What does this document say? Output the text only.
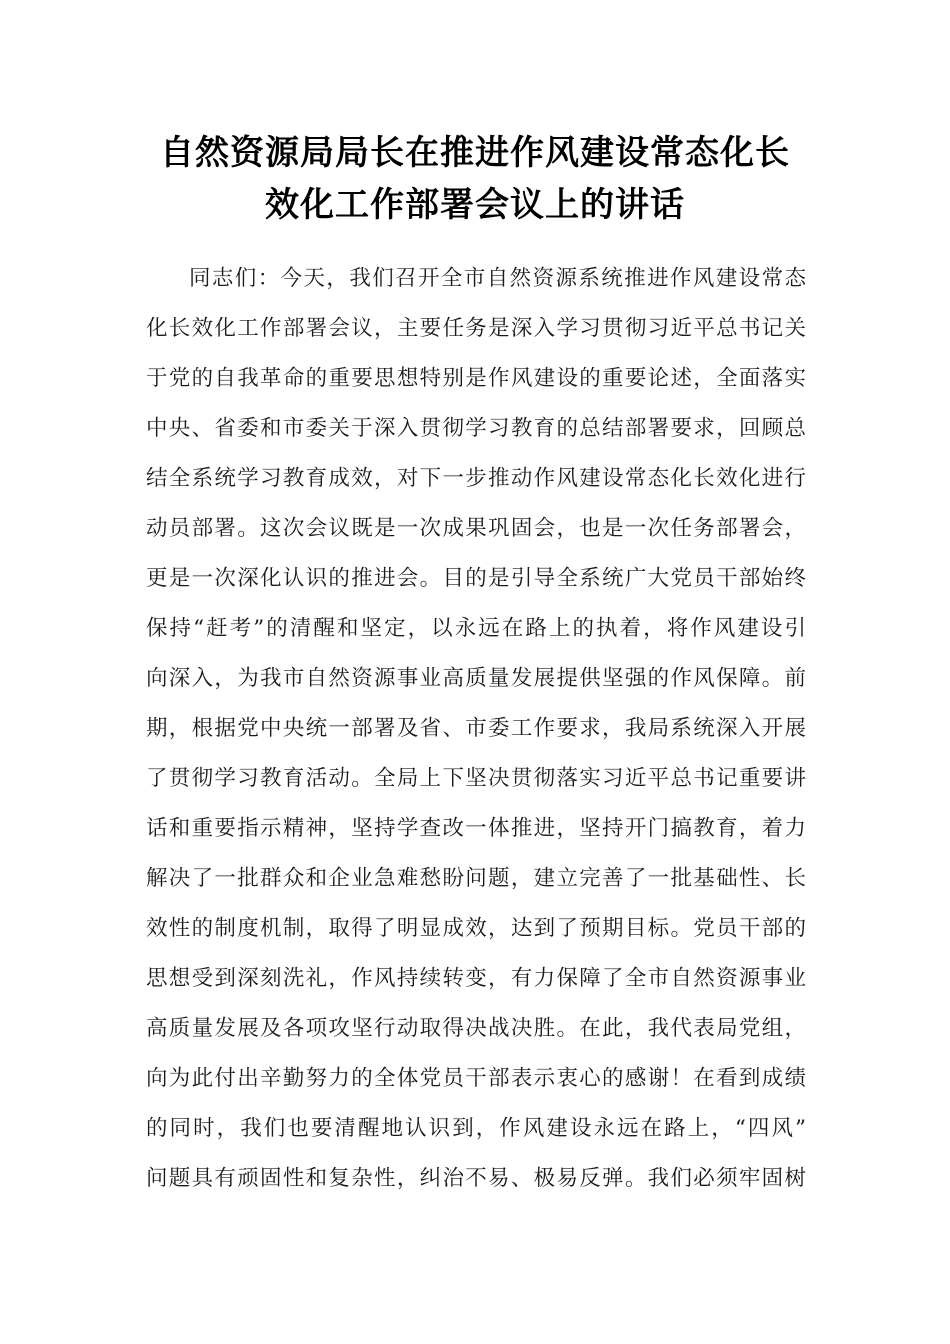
自然资源局局长在推进作风建设常态化长
效化工作部署会议上的讲话
同志们：今天，我们召开全市自然资源系统推进作风建设常态
化长效化工作部署会议，主要任务是深入学习贯彻习近平总书记关
于党的自我革命的重要思想特别是作风建设的重要论述，全面落实
中央、省委和市委关于深入贯彻学习教育的总结部署要求，回顾总
结全系统学习教育成效，对下一步推动作风建设常态化长效化进行
动员部署。这次会议既是一次成果巩固会，也是一次任务部署会，
更是一次深化认识的推进会。目的是引导全系统广大党员干部始终
保持“赶考”的清醒和坚定，以永远在路上的执着，将作风建设引
向深入，为我市自然资源事业高质量发展提供坚强的作风保障。前
期，根据党中央统一部署及省、市委工作要求，我局系统深入开展
了贯彻学习教育活动。全局上下坚决贯彻落实习近平总书记重要讲
话和重要指示精神，坚持学查改一体推进，坚持开门搞教育，着力
解决了一批群众和企业急难愁盼问题，建立完善了一批基础性、长
效性的制度机制，取得了明显成效，达到了预期目标。党员干部的
思想受到深刻洗礼，作风持续转变，有力保障了全市自然资源事业
高质量发展及各项攻坚行动取得决战决胜。在此，我代表局党组，
向为此付出辛勤努力的全体党员干部表示衷心的感谢！在看到成绩
的同时，我们也要清醒地认识到，作风建设永远在路上，“四风”
问题具有顽固性和复杂性，纠治不易、极易反弹。我们必须牢固树
